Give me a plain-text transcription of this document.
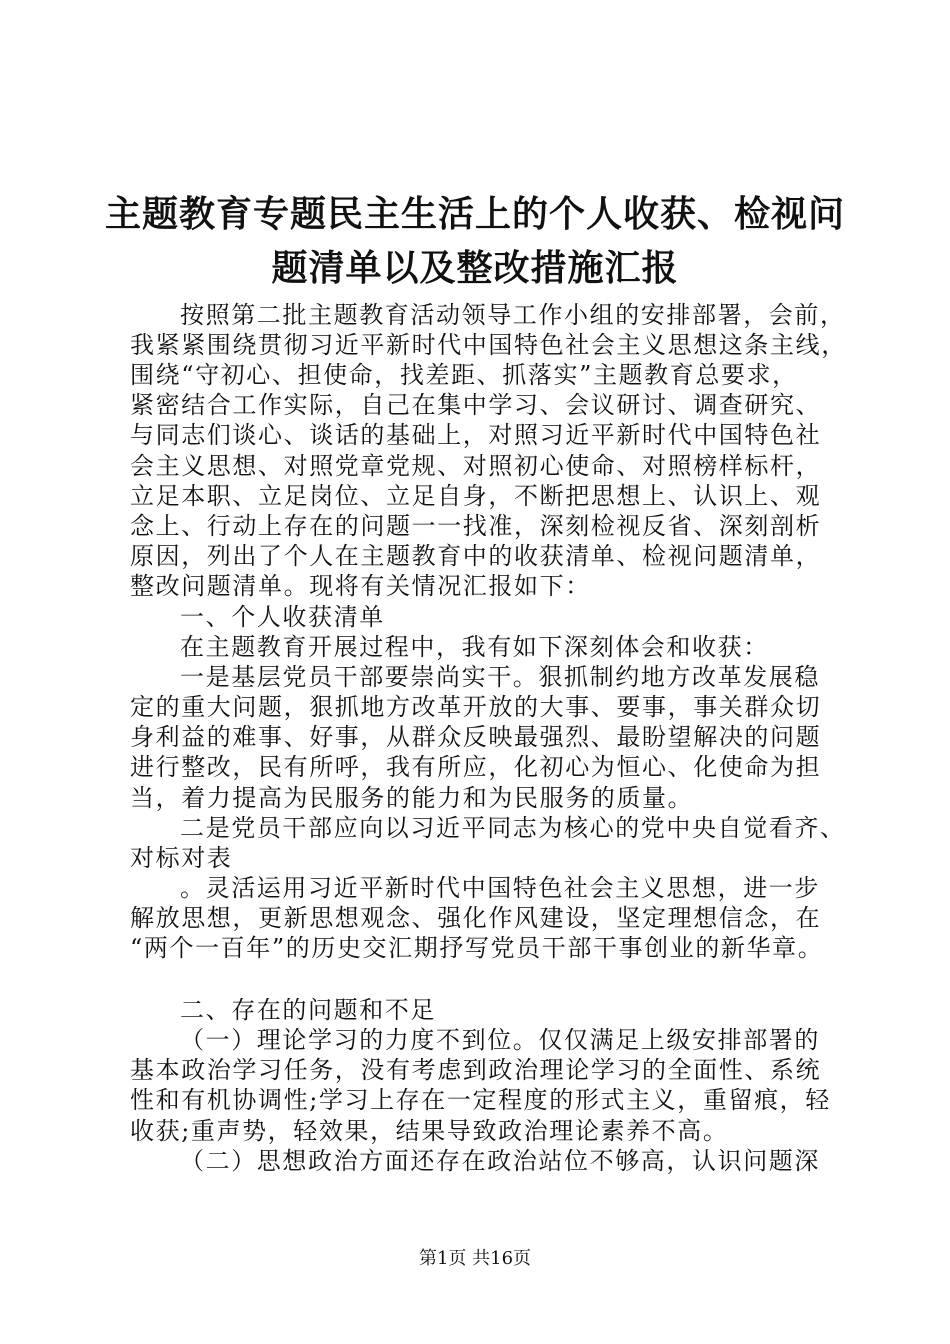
主题教育专题民主生活上的个人收获、检视问
题清单以及整改措施汇报
按照第二批主题教育活动领导工作小组的安排部署，会前，
我紧紧围绕贯彻习近平新时代中国特色社会主义思想这条主线，
围绕“守初心、担使命，找差距、抓落实”主题教育总要求，
紧密结合工作实际，自己在集中学习、会议研讨、调查研究、
与同志们谈心、谈话的基础上，对照习近平新时代中国特色社
会主义思想、对照党章党规、对照初心使命、对照榜样标杆，
立足本职、立足岗位、立足自身，不断把思想上、认识上、观
念上、行动上存在的问题一一找准，深刻检视反省、深刻剖析
原因，列出了个人在主题教育中的收获清单、检视问题清单，
整改问题清单。现将有关情况汇报如下：
一、个人收获清单
在主题教育开展过程中，我有如下深刻体会和收获：
一是基层党员干部要崇尚实干。狠抓制约地方改革发展稳
定的重大问题，狠抓地方改革开放的大事、要事，事关群众切
身利益的难事、好事，从群众反映最强烈、最盼望解决的问题
进行整改，民有所呼，我有所应，化初心为恒心、化使命为担
当，着力提高为民服务的能力和为民服务的质量。
二是党员干部应向以习近平同志为核心的党中央自觉看齐、
对标对表
。灵活运用习近平新时代中国特色社会主义思想，进一步
解放思想，更新思想观念、强化作风建设，坚定理想信念，在
“两个一百年”的历史交汇期抒写党员干部干事创业的新华章。
二、存在的问题和不足
（一）理论学习的力度不到位。仅仅满足上级安排部署的
基本政治学习任务，没有考虑到政治理论学习的全面性、系统
性和有机协调性;学习上存在一定程度的形式主义，重留痕，轻
收获;重声势，轻效果，结果导致政治理论素养不高。
（二）思想政治方面还存在政治站位不够高，认识问题深
第1页 共16页
